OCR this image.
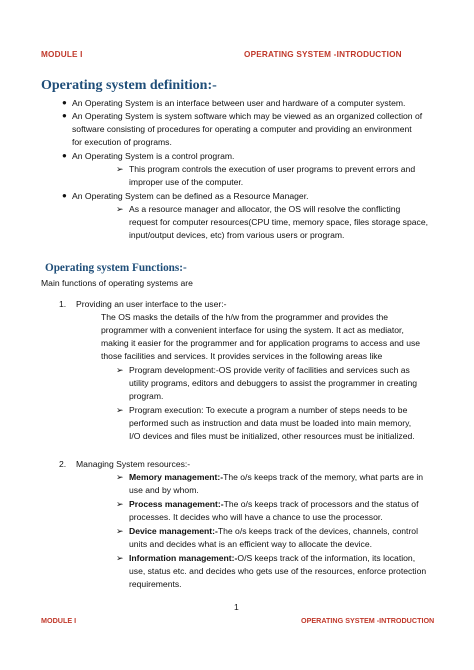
MODULE I	OPERATING SYSTEM -INTRODUCTION
Operating system definition:-
● An Operating System is an interface between user and hardware of a computer system.
● An Operating System is system software which may be viewed as an organized collection of
software consisting of procedures for operating a computer and providing an environment
for execution of programs.
● An Operating System is a control program.
➢ This program controls the execution of user programs to prevent errors and
improper use of the computer.
● An Operating System can be defined as a Resource Manager.
➢ As a resource manager and allocator, the OS will resolve the conflicting
request for computer resources(CPU time, memory space, files storage space,
input/output devices, etc) from various users or program.
Operating system Functions:-
Main functions of operating systems are
1. Providing an user interface to the user:-
The OS masks the details of the h/w from the programmer and provides the
programmer with a convenient interface for using the system. It act as mediator,
making it easier for the programmer and for application programs to access and use
those facilities and services. It provides services in the following areas like
➢ Program development:-OS provide verity of facilities and services such as
utility programs, editors and debuggers to assist the programmer in creating
program.
➢ Program execution: To execute a program a number of steps needs to be
performed such as instruction and data must be loaded into main memory,
I/O devices and files must be initialized, other resources must be initialized.
2. Managing System resources:-
➢ Memory management:-The o/s keeps track of the memory, what parts are in
use and by whom.
➢ Process management:-The o/s keeps track of processors and the status of
processes. It decides who will have a chance to use the processor.
➢ Device management:-The o/s keeps track of the devices, channels, control
units and decides what is an efficient way to allocate the device.
➢ Information management:-O/S keeps track of the information, its location,
use, status etc. and decides who gets use of the resources, enforce protection
requirements.
1
MODULE I	OPERATING SYSTEM -INTRODUCTION
